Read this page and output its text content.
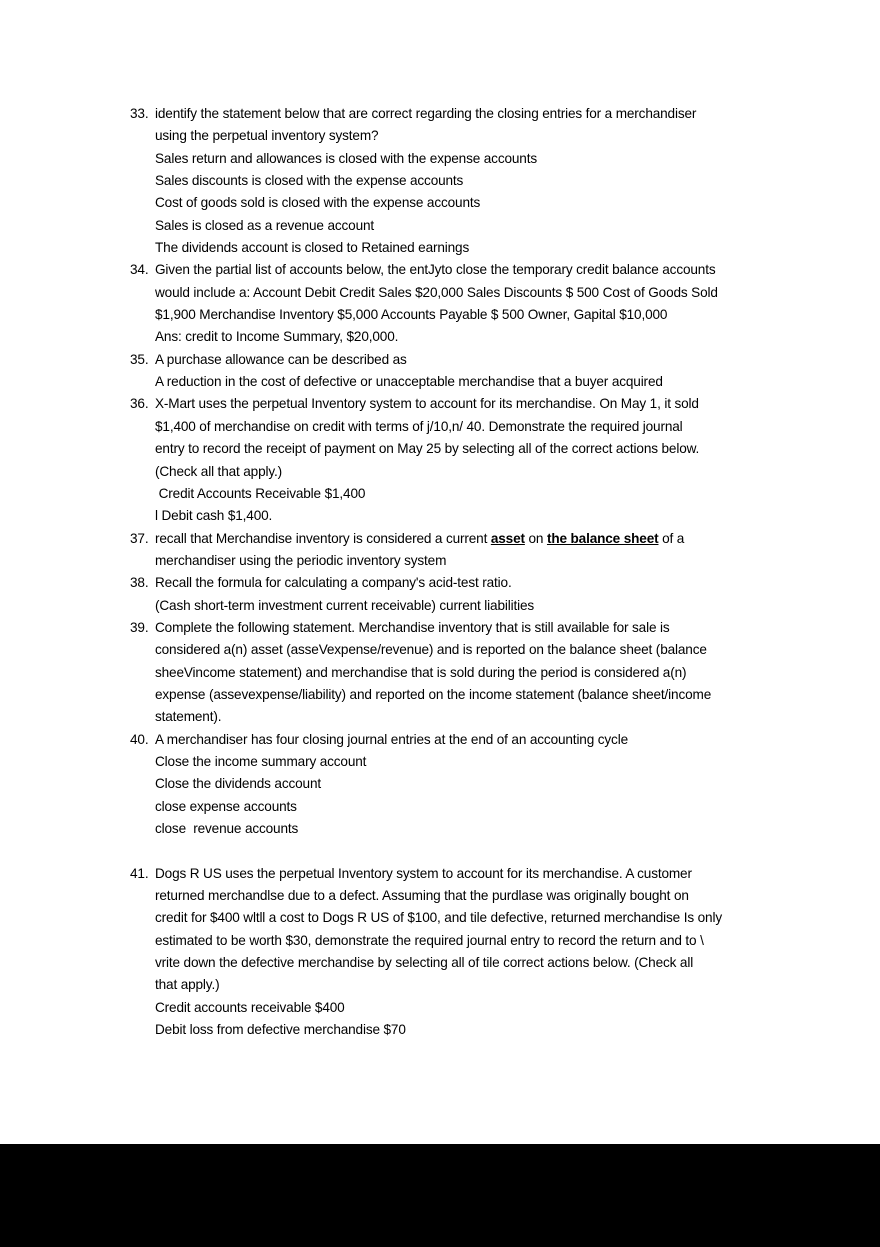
33. identify the statement below that are correct regarding the closing entries for a merchandiser
using the perpetual inventory system?
Sales return and allowances is closed with the expense accounts
Sales discounts is closed with the expense accounts
Cost of goods sold is closed with the expense accounts
Sales is closed as a revenue account
The dividends account is closed to Retained earnings
34. Given the partial list of accounts below, the entJyto close the temporary credit balance accounts
would include a: Account Debit Credit Sales $20,000 Sales Discounts $ 500 Cost of Goods Sold
$1,900 Merchandise Inventory $5,000 Accounts Payable $ 500 Owner, Gapital $10,000
Ans: credit to Income Summary, $20,000.
35. A purchase allowance can be described as
A reduction in the cost of defective or unacceptable merchandise that a buyer acquired
36. X-Mart uses the perpetual Inventory system to account for its merchandise. On May 1, it sold
$1,400 of merchandise on credit with terms of j/10,n/ 40. Demonstrate the required journal
entry to record the receipt of payment on May 25 by selecting all of the correct actions below.
(Check all that apply.)
Credit Accounts Receivable $1,400
l Debit cash $1,400.
37. recall that Merchandise inventory is considered a current asset on the balance sheet of a
merchandiser using the periodic inventory system
38. Recall the formula for calculating a company's acid-test ratio.
(Cash short-term investment current receivable) current liabilities
39. Complete the following statement. Merchandise inventory that is still available for sale is
considered a(n) asset (asseVexpense/revenue) and is reported on the balance sheet (balance
sheeVincome statement) and merchandise that is sold during the period is considered a(n)
expense (assevexpense/liability) and reported on the income statement (balance sheet/income
statement).
40. A merchandiser has four closing journal entries at the end of an accounting cycle
Close the income summary account
Close the dividends account
close expense accounts
close  revenue accounts
41. Dogs R US uses the perpetual Inventory system to account for its merchandise. A customer
returned merchandlse due to a defect. Assuming that the purdlase was originally bought on
credit for $400 wltll a cost to Dogs R US of $100, and tile defective, returned merchandise Is only
estimated to be worth $30, demonstrate the required journal entry to record the return and to \
vrite down the defective merchandise by selecting all of tile correct actions below. (Check all
that apply.)
Credit accounts receivable $400
Debit loss from defective merchandise $70
